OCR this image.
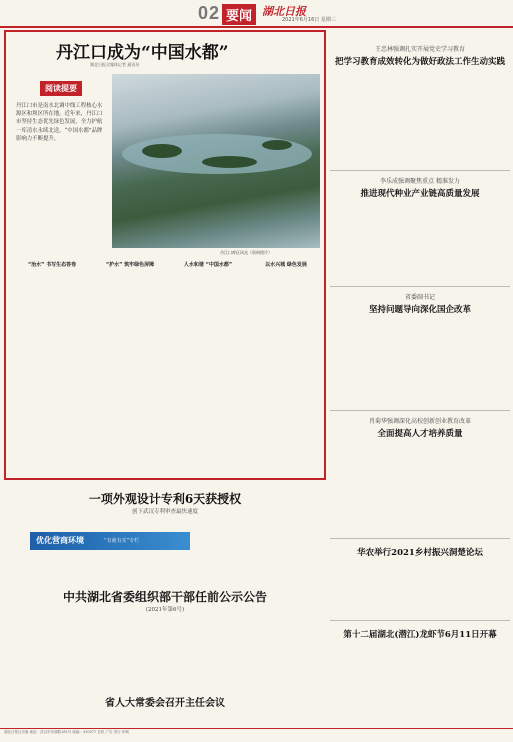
02 要闻 湖北日报
2021年6月16日 星期三
丹江口成为“中国水都”
湖北日报全媒体记者 通讯员
阅读提要

丹江口市是南水北调中线工程核心水源区和坝区所在地。近年来，丹江口市坚持生态优先绿色发展，全力护航一库清水永续北送，“中国水都”品牌影响力不断提升。

丹江口库区风光（资料图片）
“治水” 书写生态答卷	“护水” 筑牢绿色屏障	人水和谐 “中国水都”	以水兴城 绿色发展
王忠林强调扎实开展党史学习教育
把学习教育成效转化为做好政法工作生动实践
李乐成强调聚焦重点 精准发力
推进现代种业产业链高质量发展
省委副书记
坚持问题导向深化国企改革
肖菊华强调深化高校创新创业教育改革
全面提高人才培养质量
华农举行2021乡村振兴洞楚论坛
第十二届湖北(潜江)龙虾节6月11日开幕
一项外观设计专利6天获授权
创下武汉专利审查最快速度
优化营商环境	“有就有实”专栏
中共湖北省委组织部干部任前公示公告
(2021年第6号)
省人大常委会召开主任会议
湖北日报社出版 地址：武汉市东湖路181号 邮编：430077 总机 广告 发行 印刷
